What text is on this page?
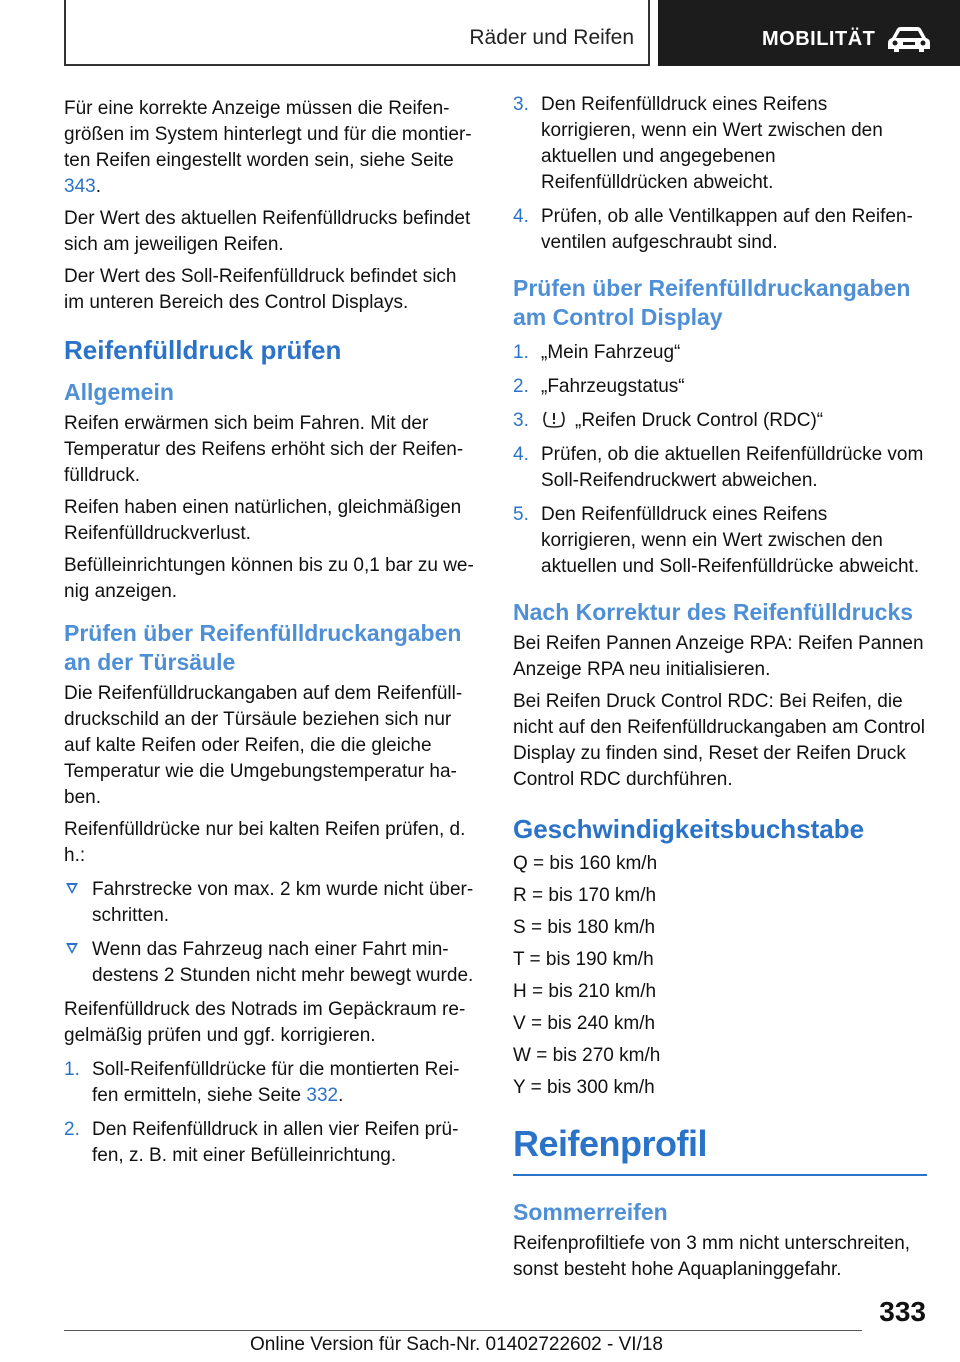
Räder und Reifen	MOBILITÄT

Für eine korrekte Anzeige müssen die Reifengrößen im System hinterlegt und für die montierten Reifen eingestellt worden sein, siehe Seite 343.

Der Wert des aktuellen Reifenfülldrucks befindet sich am jeweiligen Reifen.

Der Wert des Soll-Reifenfülldruck befindet sich im unteren Bereich des Control Displays.

Reifenfülldruck prüfen
Allgemein

Reifen erwärmen sich beim Fahren. Mit der Temperatur des Reifens erhöht sich der Reifenfülldruck.

Reifen haben einen natürlichen, gleichmäßigen Reifenfülldruckverlust.

Befülleinrichtungen können bis zu 0,1 bar zu wenig anzeigen.

Prüfen über Reifenfülldruckangaben an der Türsäule

Die Reifenfülldruckangaben auf dem Reifenfülldruckschild an der Türsäule beziehen sich nur auf kalte Reifen oder Reifen, die die gleiche Temperatur wie die Umgebungstemperatur haben.

Reifenfülldrücke nur bei kalten Reifen prüfen, d. h.:

Fahrstrecke von max. 2 km wurde nicht überschritten.
Wenn das Fahrzeug nach einer Fahrt mindestens 2 Stunden nicht mehr bewegt wurde.

Reifenfülldruck des Notrads im Gepäckraum regelmäßig prüfen und ggf. korrigieren.

1. Soll-Reifenfülldrücke für die montierten Reifen ermitteln, siehe Seite 332.
2. Den Reifenfülldruck in allen vier Reifen prüfen, z. B. mit einer Befülleinrichtung.
3. Den Reifenfülldruck eines Reifens korrigieren, wenn ein Wert zwischen den aktuellen und angegebenen Reifenfülldrücken abweicht.
4. Prüfen, ob alle Ventilkappen auf den Reifenventilen aufgeschraubt sind.
Prüfen über Reifenfülldruckangaben am Control Display
1. „Mein Fahrzeug“
2. „Fahrzeugstatus“
3. „Reifen Druck Control (RDC)“
4. Prüfen, ob die aktuellen Reifenfülldrücke vom Soll-Reifendruckwert abweichen.
5. Den Reifenfülldruck eines Reifens korrigieren, wenn ein Wert zwischen den aktuellen und Soll-Reifenfülldrücke abweicht.
Nach Korrektur des Reifenfülldrucks

Bei Reifen Pannen Anzeige RPA: Reifen Pannen Anzeige RPA neu initialisieren.

Bei Reifen Druck Control RDC: Bei Reifen, die nicht auf den Reifenfülldruckangaben am Control Display zu finden sind, Reset der Reifen Druck Control RDC durchführen.

Geschwindigkeitsbuchstabe

Q = bis 160 km/h

R = bis 170 km/h

S = bis 180 km/h

T = bis 190 km/h

H = bis 210 km/h

V = bis 240 km/h

W = bis 270 km/h

Y = bis 300 km/h

Reifenprofil
Sommerreifen

Reifenprofiltiefe von 3 mm nicht unterschreiten, sonst besteht hohe Aquaplaninggefahr.

333
Online Version für Sach-Nr. 01402722602 - VI/18
